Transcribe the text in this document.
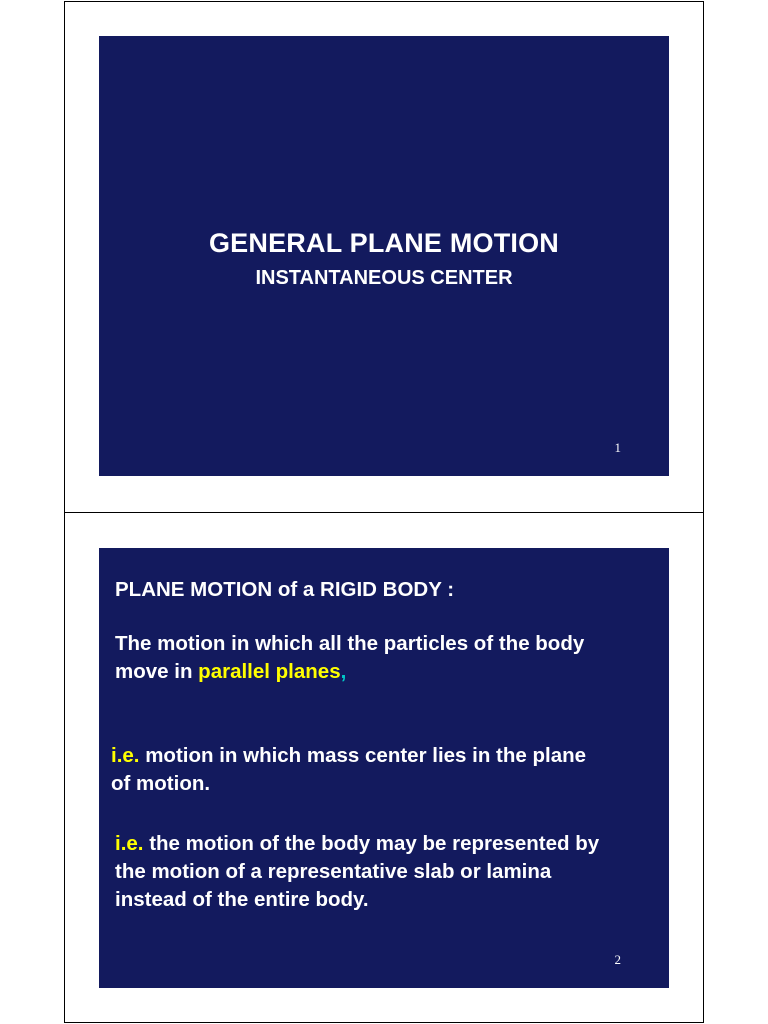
GENERAL PLANE MOTION
INSTANTANEOUS CENTER
1
PLANE MOTION of a RIGID BODY :
The motion in which all the particles of the body
move in parallel planes,
i.e. motion in which mass center lies in the plane
of motion.
i.e. the motion of the body may be represented by
the motion of a representative slab or lamina
instead of the entire body.
2
